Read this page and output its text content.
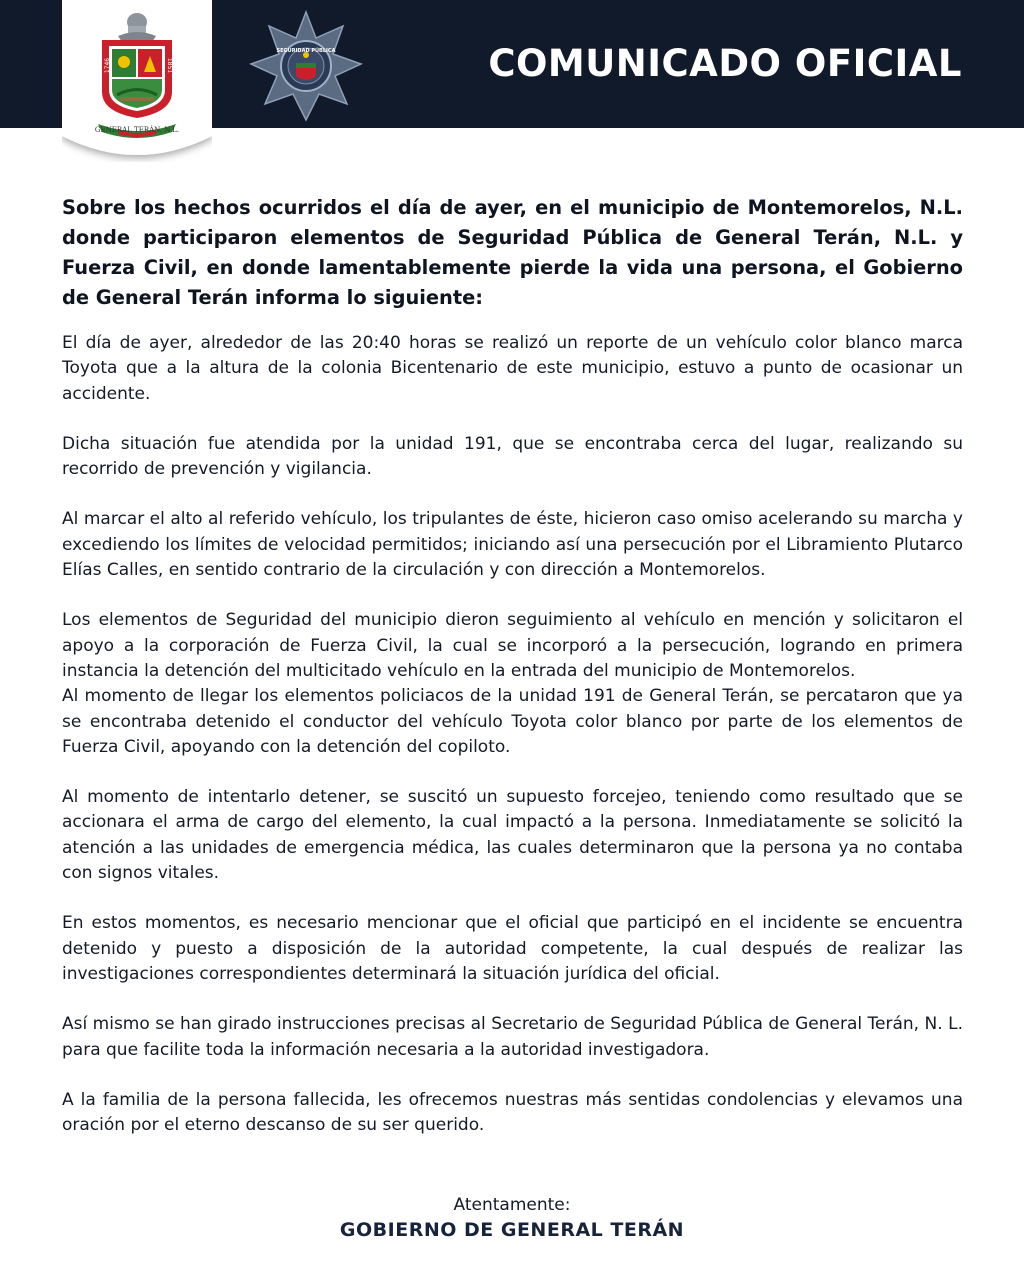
COMUNICADO OFICIAL
1746	1851
GENERAL TERÁN, N.L.
SEGURIDAD PÚBLICA

Sobre los hechos ocurridos el día de ayer, en el municipio de Montemorelos, N.L. donde participaron elementos de Seguridad Pública de General Terán, N.L. y Fuerza Civil, en donde lamentablemente pierde la vida una persona, el Gobierno de General Terán informa lo siguiente:

El día de ayer, alrededor de las 20:40 horas se realizó un reporte de un vehículo color blanco marca Toyota que a la altura de la colonia Bicentenario de este municipio, estuvo a punto de ocasionar un accidente.

Dicha situación fue atendida por la unidad 191, que se encontraba cerca del lugar, realizando su recorrido de prevención y vigilancia.

Al marcar el alto al referido vehículo, los tripulantes de éste, hicieron caso omiso acelerando su marcha y excediendo los límites de velocidad permitidos; iniciando así una persecución por el Libramiento Plutarco Elías Calles, en sentido contrario de la circulación y con dirección a Montemorelos.

Los elementos de Seguridad del municipio dieron seguimiento al vehículo en mención y solicitaron el apoyo a la corporación de Fuerza Civil, la cual se incorporó a la persecución, logrando en primera instancia la detención del multicitado vehículo en la entrada del municipio de Montemorelos.

Al momento de llegar los elementos policiacos de la unidad 191 de General Terán, se percataron que ya se encontraba detenido el conductor del vehículo Toyota color blanco por parte de los elementos de Fuerza Civil, apoyando con la detención del copiloto.

Al momento de intentarlo detener, se suscitó un supuesto forcejeo, teniendo como resultado que se accionara el arma de cargo del elemento, la cual impactó a la persona. Inmediatamente se solicitó la atención a las unidades de emergencia médica, las cuales determinaron que la persona ya no contaba con signos vitales.

En estos momentos, es necesario mencionar que el oficial que participó en el incidente se encuentra detenido y puesto a disposición de la autoridad competente, la cual después de realizar las investigaciones correspondientes determinará la situación jurídica del oficial.

Así mismo se han girado instrucciones precisas al Secretario de Seguridad Pública de General Terán, N. L. para que facilite toda la información necesaria a la autoridad investigadora.

A la familia de la persona fallecida, les ofrecemos nuestras más sentidas condolencias y elevamos una oración por el eterno descanso de su ser querido.

Atentamente:
GOBIERNO DE GENERAL TERÁN
